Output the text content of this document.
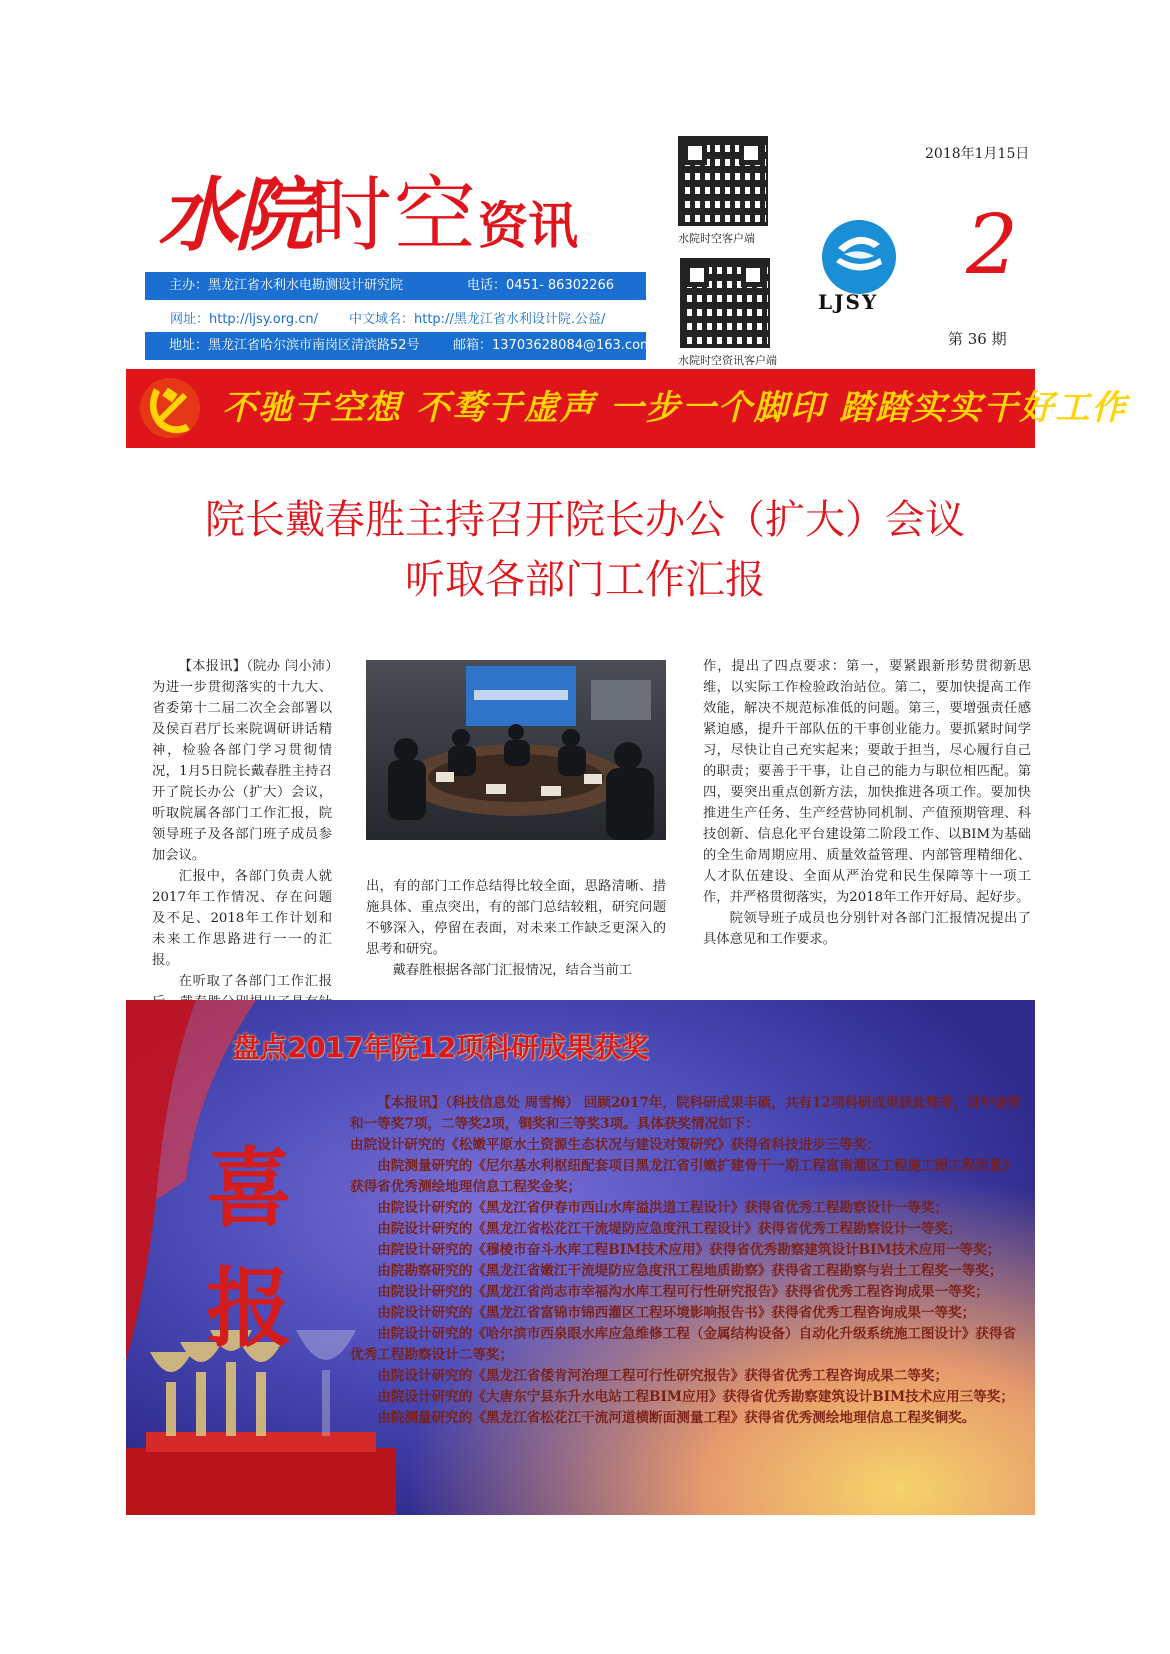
水院时空资讯
主办：黑龙江省水利水电勘测设计研究院	电话：0451- 86302266
网址：http://ljsy.org.cn/ 中文域名：http://黑龙江省水利设计院.公益/
地址：黑龙江省哈尔滨市南岗区清滨路52号	邮箱：13703628084@163.com
水院时空客户端
水院时空资讯客户端
2018年1月15日
LJSY
2
第 36 期
不驰于空想 不骛于虚声 一步一个脚印 踏踏实实干好工作
院长戴春胜主持召开院长办公（扩大）会议
听取各部门工作汇报

【本报讯】（院办 闫小沛）为进一步贯彻落实的十九大、省委第十二届二次全会部署以及侯百君厅长来院调研讲话精神，检验各部门学习贯彻情况，1月5日院长戴春胜主持召开了院长办公（扩大）会议，听取院属各部门工作汇报，院领导班子及各部门班子成员参加会议。

汇报中，各部门负责人就2017年工作情况、存在问题及不足、2018年工作计划和未来工作思路进行一一的汇报。

在听取了各部门工作汇报

出，有的部门工作总结得比较全面，思路清晰、措施具体、重点突出，有的部门总结较粗，研究问题不够深入，停留在表面，对未来工作缺乏更深入的思考和研究。

戴春胜根据各部门汇报情况，结合当前工

作，提出了四点要求：第一，要紧跟新形势贯彻新思维，以实际工作检验政治站位。第二，要加快提高工作效能，解决不规范标准低的问题。第三，要增强责任感紧迫感，提升干部队伍的干事创业能力。要抓紧时间学习，尽快让自己充实起来；要敢于担当，尽心履行自己的职责；要善于干事，让自己的能力与职位相匹配。第四，要突出重点创新方法，加快推进各项工作。要加快推进生产任务、生产经营协同机制、产值预期管理、科技创新、信息化平台建设第二阶段工作、以BIM为基础的全生命周期应用、质量效益管理、内部管理精细化、人才队伍建设、全面从严治党和民生保障等十一项工作，并严格贯彻落实，为2018年工作开好局、起好步。

院领导班子成员也分别针对各部门汇报情况提出了具体意见和工作要求。

盘点2017年院12项科研成果获奖
喜
报
【本报讯】（科技信息处 周雪梅） 回顾2017年，院科研成果丰硕，共有12项科研成果获此殊荣，其中金奖和一等奖7项，二等奖2项，铜奖和三等奖3项。具体获奖情况如下：
由院设计研究的《松嫩平原水土资源生态状况与建设对策研究》获得省科技进步三等奖；
由院测量研究的《尼尔基水利枢纽配套项目黑龙江省引嫩扩建骨干一期工程富南灌区工程施工图工程测量》获得省优秀测绘地理信息工程奖金奖；
由院设计研究的《黑龙江省伊春市西山水库溢洪道工程设计》获得省优秀工程勘察设计一等奖；
由院设计研究的《黑龙江省松花江干流堤防应急度汛工程设计》获得省优秀工程勘察设计一等奖；
由院设计研究的《穆棱市奋斗水库工程BIM技术应用》获得省优秀勘察建筑设计BIM技术应用一等奖；
由院勘察研究的《黑龙江省嫩江干流堤防应急度汛工程地质勘察》获得省工程勘察与岩土工程奖一等奖；
由院设计研究的《黑龙江省尚志市幸福沟水库工程可行性研究报告》获得省优秀工程咨询成果一等奖；
由院设计研究的《黑龙江省富锦市锦西灌区工程环境影响报告书》获得省优秀工程咨询成果一等奖；
由院设计研究的《哈尔滨市西泉眼水库应急维修工程（金属结构设备）自动化升级系统施工图设计》获得省优秀工程勘察设计二等奖；
由院设计研究的《黑龙江省倭肯河治理工程可行性研究报告》获得省优秀工程咨询成果二等奖；
由院设计研究的《大唐东宁县东升水电站工程BIM应用》获得省优秀勘察建筑设计BIM技术应用三等奖；
由院测量研究的《黑龙江省松花江干流河道横断面测量工程》获得省优秀测绘地理信息工程奖铜奖。
